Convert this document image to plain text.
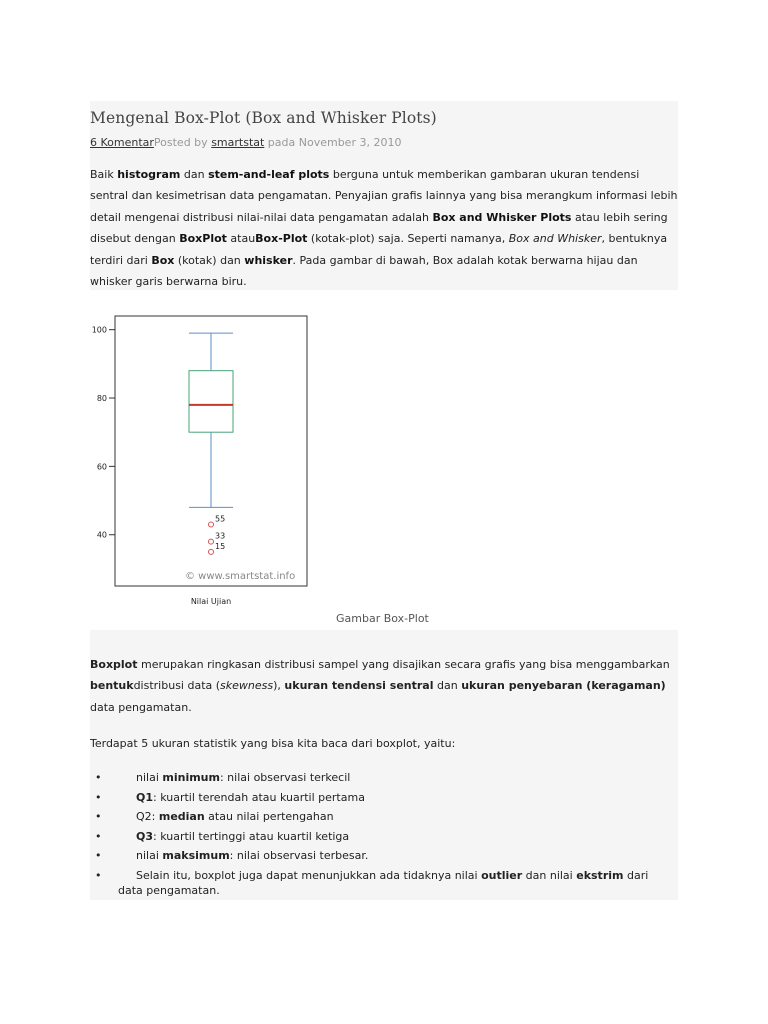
Mengenal Box-Plot (Box and Whisker Plots)
6 KomentarPosted by smartstat pada November 3, 2010
Baik histogram dan stem-and-leaf plots berguna untuk memberikan gambaran ukuran tendensi sentral dan kesimetrisan data pengamatan. Penyajian grafis lainnya yang bisa merangkum informasi lebih detail mengenai distribusi nilai-nilai data pengamatan adalah Box and Whisker Plots atau lebih sering disebut dengan BoxPlot atauBox-Plot (kotak-plot) saja. Seperti namanya, Box and Whisker, bentuknya terdiri dari Box (kotak) dan whisker. Pada gambar di bawah, Box adalah kotak berwarna hijau dan whisker garis berwarna biru.
40
60
80
100
55
33
15
© www.smartstat.info
Nilai Ujian
Gambar Box-Plot
Boxplot merupakan ringkasan distribusi sampel yang disajikan secara grafis yang bisa menggambarkan bentukdistribusi data (skewness), ukuran tendensi sentral dan ukuran penyebaran (keragaman) data pengamatan.
Terdapat 5 ukuran statistik yang bisa kita baca dari boxplot, yaitu:
•	nilai minimum: nilai observasi terkecil
•	Q1: kuartil terendah atau kuartil pertama
•	Q2: median atau nilai pertengahan
•	Q3: kuartil tertinggi atau kuartil ketiga
•	nilai maksimum: nilai observasi terbesar.
•	Selain itu, boxplot juga dapat menunjukkan ada tidaknya nilai outlier dan nilai ekstrim dari
data pengamatan.
